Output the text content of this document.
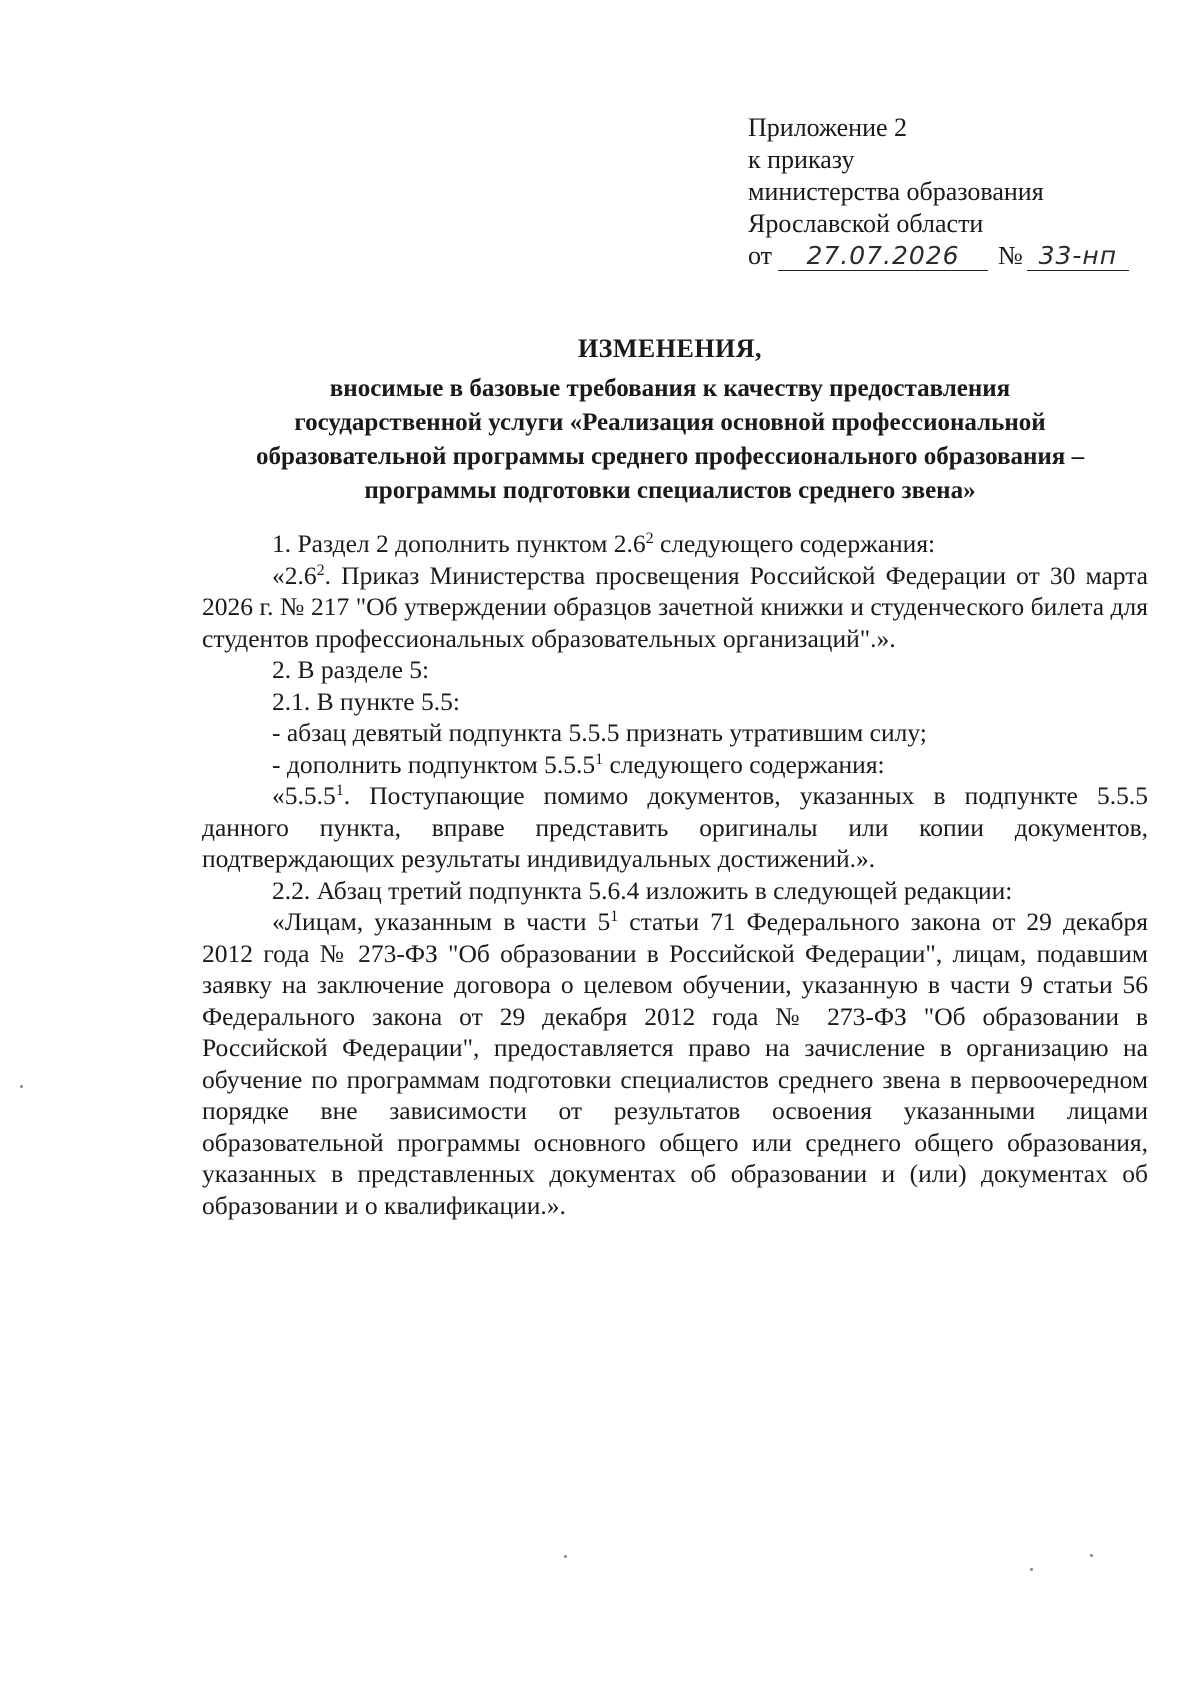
Приложение 2
к приказу
министерства образования
Ярославской области
от 27.07.2026 № 33-нп
ИЗМЕНЕНИЯ,
вносимые в базовые требования к качеству предоставления
государственной услуги «Реализация основной профессиональной
образовательной программы среднего профессионального образования –
программы подготовки специалистов среднего звена»

1. Раздел 2 дополнить пунктом $2.6^2$ следующего содержания:

«$2.6^2$. Приказ Министерства просвещения Российской Федерации от 30 марта 2026 г. № 217 "Об утверждении образцов зачетной книжки и студенческого билета для студентов профессиональных образовательных организаций".».

2. В разделе 5:

2.1. В пункте 5.5:

- абзац девятый подпункта 5.5.5 признать утратившим силу;

- дополнить подпунктом 5.5.5$^1$ следующего содержания:

«5.5.5$^1$. Поступающие помимо документов, указанных в подпункте 5.5.5 данного пункта, вправе представить оригиналы или копии документов, подтверждающих результаты индивидуальных достижений.».

2.2. Абзац третий подпункта 5.6.4 изложить в следующей редакции:

«Лицам, указанным в части $5^1$ статьи 71 Федерального закона от 29 декабря 2012 года № 273-ФЗ "Об образовании в Российской Федерации", лицам, подавшим заявку на заключение договора о целевом обучении, указанную в части 9 статьи 56 Федерального закона от 29 декабря 2012 года № 273-ФЗ "Об образовании в Российской Федерации", предоставляется право на зачисление в организацию на обучение по программам подготовки специалистов среднего звена в первоочередном порядке вне зависимости от результатов освоения указанными лицами образовательной программы основного общего или среднего общего образования, указанных в представленных документах об образовании и (или) документах об образовании и о квалификации.».
